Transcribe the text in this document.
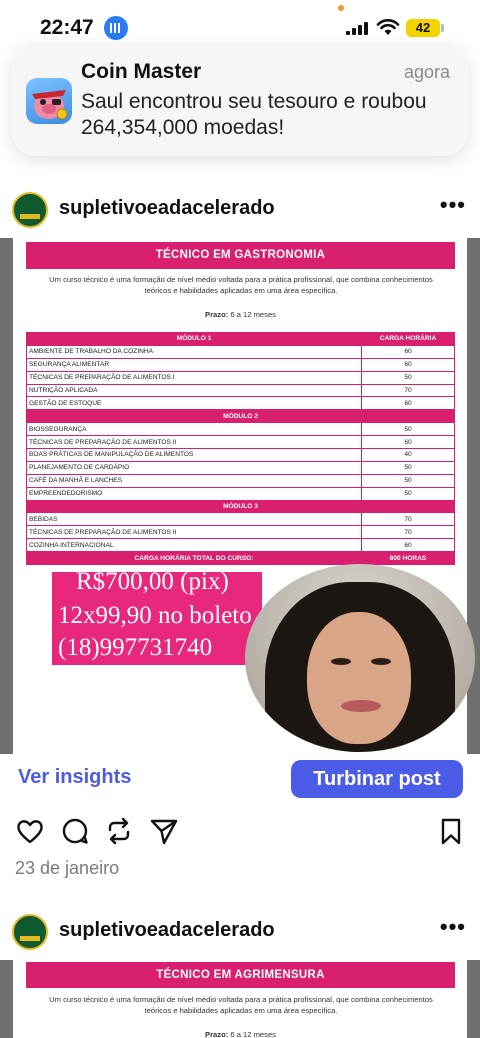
22:47	42
Coin Master	agora
Saul encontrou seu tesouro e roubou 264,354,000 moedas!
supletivoeadacelerado	•••
TÉCNICO EM GASTRONOMIA
Um curso técnico é uma formação de nível médio voltada para a prática profissional, que combina conhecimentos teóricos e habilidades aplicadas em uma área específica.
Prazo: 6 a 12 meses
MÓDULO 1	CARGA HORÁRIA
AMBIENTE DE TRABALHO DA COZINHA	60
SEGURANÇA ALIMENTAR	60
TÉCNICAS DE PREPARAÇÃO DE ALIMENTOS I	50
NUTRIÇÃO APLICADA	70
GESTÃO DE ESTOQUE	60
MÓDULO 2	
BIOSSEGURANÇA	50
TÉCNICAS DE PREPARAÇÃO DE ALIMENTOS II	60
BOAS PRÁTICAS DE MANIPULAÇÃO DE ALIMENTOS	40
PLANEJAMENTO DE CARDÁPIO	50
CAFÉ DA MANHÃ E LANCHES	50
EMPREENDEDORISMO	50
MÓDULO 3	
BEBIDAS	70
TÉCNICAS DE PREPARAÇÃO DE ALIMENTOS II	70
COZINHA INTERNACIONAL	60
CARGA HORÁRIA TOTAL DO CURSO:	800 HORAS
R$700,00 (pix)
12x99,90 no boleto
(18)997731740
Ver insights	Turbinar post
23 de janeiro
supletivoeadacelerado	•••
TÉCNICO EM AGRIMENSURA
Um curso técnico é uma formação de nível médio voltada para a prática profissional, que combina conhecimentos teóricos e habilidades aplicadas em uma área específica.
Prazo: 6 a 12 meses
